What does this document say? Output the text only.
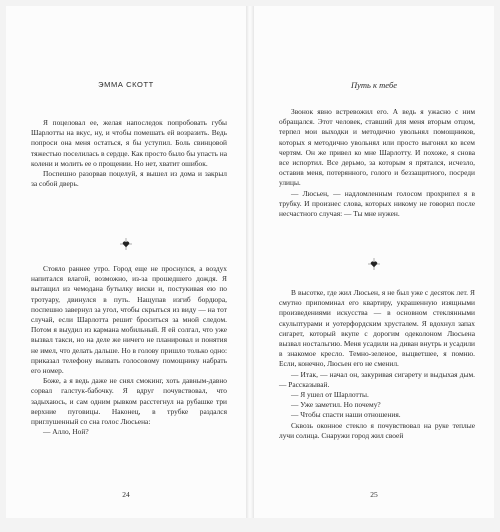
ЭММА СКОТТ

Я поцеловал ее, желая напоследок попробовать губы Шарлотты на вкус, ну, и чтобы помешать ей возразить. Ведь попроси она меня остаться, я бы уступил. Боль свинцовой тяжестью поселилась в сердце. Как просто было бы упасть на колени и молить ее о прощении. Но нет, хватит ошибок.

Поспешно разорвав поцелуй, я вышел из дома и закрыл за собой дверь.

Стояло раннее утро. Город еще не проснулся, а воздух напитался влагой, возможно, из-за прошедшего дождя. Я вытащил из чемодана бутылку виски и, постукивая ею по тротуару, двинулся в путь. Нащупав изгиб бордюра, поспешно завернул за угол, чтобы скрыться из виду — на тот случай, если Шарлотта решит броситься за мной следом. Потом я выудил из кармана мобильный. Я ей солгал, что уже вызвал такси, но на деле же ничего не планировал и понятия не имел, что делать дальше. Но в голову пришло только одно: приказал телефону вызвать голосовому помощнику набрать его номер.

Боже, а я ведь даже не снял смокинг, хоть давным-давно сорвал галстук-бабочку. Я вдруг почувствовал, что задыхаюсь, и сам одним рывком расстегнул на рубашке три верхние пуговицы. Наконец, в трубке раздался приглушенный со сна голос Люсьена:

— Алло, Ной?

24
Путь к тебе

Звонок явно встревожил его. А ведь я ужасно с ним обращался. Этот человек, ставший для меня вторым отцом, терпел мои выходки и методично увольнял помощников, которых я методично увольнял или просто выгонял ко всем чертям. Он же привел ко мне Шарлотту. И похоже, я снова все испортил. Все дерьмо, за которым я прятался, исчезло, оставив меня, потерянного, голого и беззащитного, посреди улицы.

— Люсьен, — надломленным голосом прохрипел я в трубку. И произнес слова, которых никому не говорил после несчастного случая: — Ты мне нужен.

В высотке, где жил Люсьен, я не был уже с десяток лет. Я смутно припоминал его квартиру, украшенную изящными произведениями искусства — в основном стеклянными скульптурами и уотерфордским хрусталем. Я вдохнул запах сигарет, который вкупе с дорогим одеколоном Люсьена вызвал ностальгию. Меня усадили на диван внутрь и усадили в знакомое кресло. Темно-зеленое, выцветшее, я помню. Если, конечно, Люсьен его не сменил.

— Итак, — начал он, закуривая сигарету и выдыхая дым. — Рассказывай.

— Я ушел от Шарлотты.

— Уже заметил. Но почему?

— Чтобы спасти наши отношения.

Сквозь оконное стекло я почувствовал на руке теплые лучи солнца. Снаружи город жил своей

25
